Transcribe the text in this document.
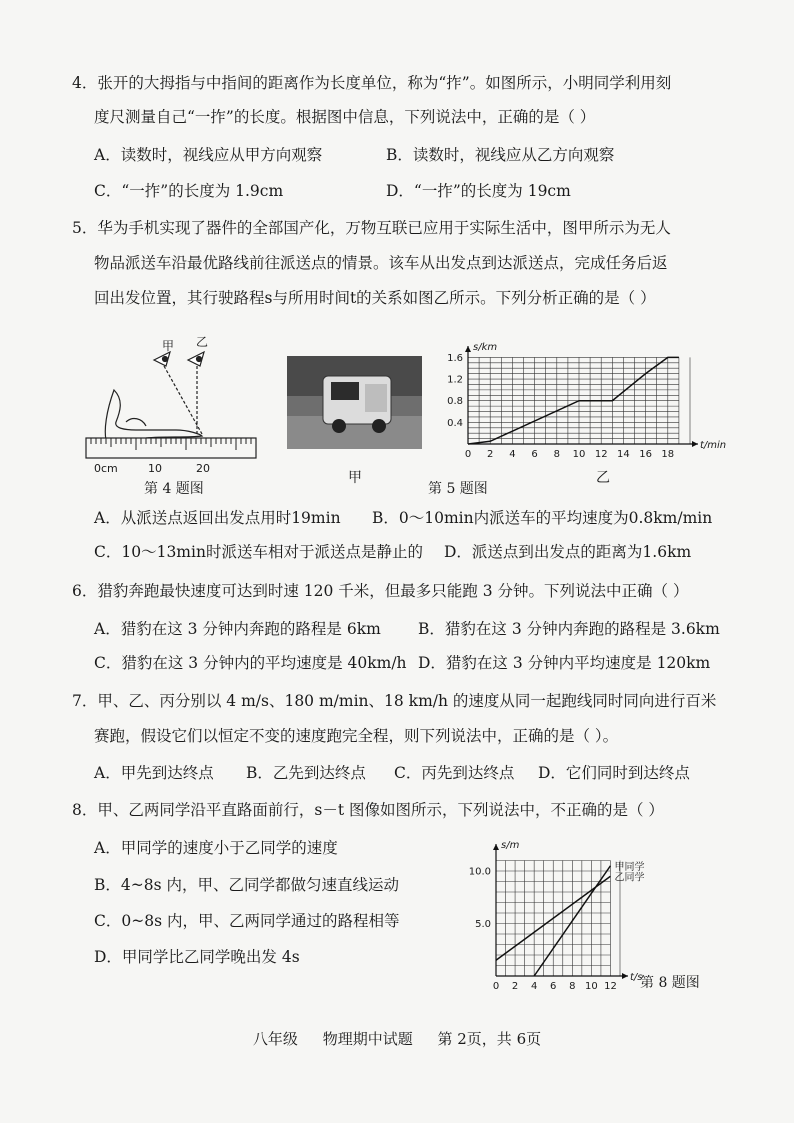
4．张开的大拇指与中指间的距离作为长度单位，称为“拃”。如图所示，小明同学利用刻
度尺测量自己“一拃”的长度。根据图中信息，下列说法中，正确的是（ ）
A．读数时，视线应从甲方向观察	B．读数时，视线应从乙方向观察
C．“一拃”的长度为 1.9cm	D．“一拃”的长度为 19cm
5．华为手机实现了器件的全部国产化，万物互联已应用于实际生活中，图甲所示为无人
物品派送车沿最优路线前往派送点的情景。该车从出发点到达派送点，完成任务后返
回出发位置，其行驶路程s与所用时间t的关系如图乙所示。下列分析正确的是（ ）
甲 乙
0cm	10	20
第 4 题图
甲
0 2 4 6 8 10 12 14 16 18
0.4
0.8
1.2
1.6
t/min
s/km
乙
第 5 题图
A．从派送点返回出发点用时19min B．0～10min内派送车的平均速度为0.8km/min
C．10～13min时派送车相对于派送点是静止的 D．派送点到出发点的距离为1.6km
6．猎豹奔跑最快速度可达到时速 120 千米，但最多只能跑 3 分钟。下列说法中正确（ ）
A．猎豹在这 3 分钟内奔跑的路程是 6km B．猎豹在这 3 分钟内奔跑的路程是 3.6km
C．猎豹在这 3 分钟内的平均速度是 40km/h D．猎豹在这 3 分钟内平均速度是 120km
7．甲、乙、丙分别以 4 m/s、180 m/min、18 km/h 的速度从同一起跑线同时同向进行百米
赛跑，假设它们以恒定不变的速度跑完全程，则下列说法中，正确的是（ ）。
A．甲先到达终点 B．乙先到达终点 C．丙先到达终点 D．它们同时到达终点
8．甲、乙两同学沿平直路面前行，s－t 图像如图所示，下列说法中，不正确的是（ ）
A．甲同学的速度小于乙同学的速度
B．4~8s 内，甲、乙同学都做匀速直线运动
C．0~8s 内，甲、乙两同学通过的路程相等
D．甲同学比乙同学晚出发 4s
0 2 4 6 8 10 12
5.0
10.0
t/s
s/m
甲同学
乙同学
第 8 题图
八年级 物理期中试题 第 2页，共 6页
